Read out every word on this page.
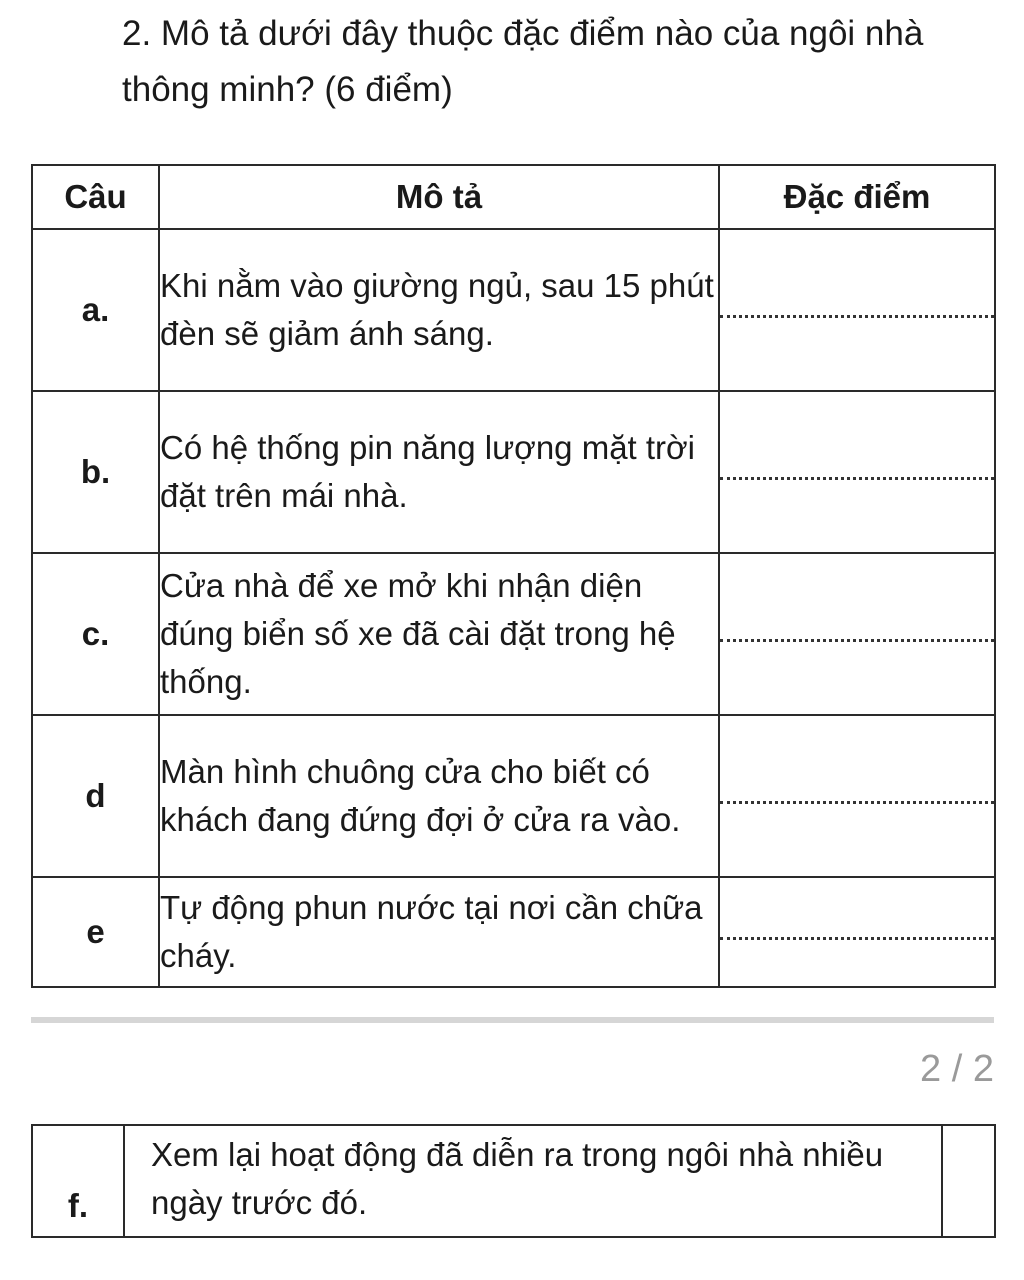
2. Mô tả dưới đây thuộc đặc điểm nào của ngôi nhà thông minh? (6 điểm)

Câu	Mô tả	Đặc điểm
a.	Khi nằm vào giường ngủ, sau 15 phút đèn sẽ giảm ánh sáng.	

b.	Có hệ thống pin năng lượng mặt trời đặt trên mái nhà.	

c.	Cửa nhà để xe mở khi nhận diện đúng biển số xe đã cài đặt trong hệ thống.	

d	Màn hình chuông cửa cho biết có khách đang đứng đợi ở cửa ra vào.	

e	Tự động phun nước tại nơi cần chữa cháy.	
2 / 2
f.	Xem lại hoạt động đã diễn ra trong ngôi nhà nhiều ngày trước đó.	
